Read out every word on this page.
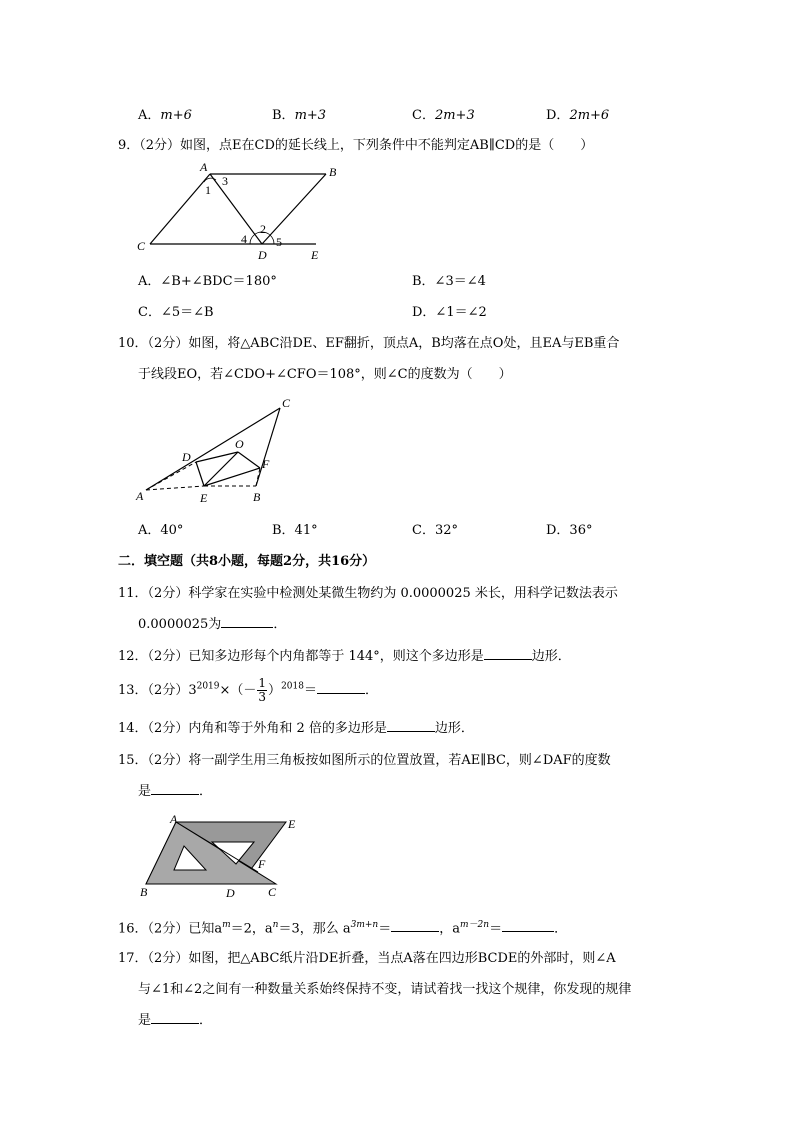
A．m+6	B．m+3	C．2m+3	D．2m+6
9．（2分）如图，点E在CD的延长线上，下列条件中不能判定AB∥CD的是（　　）
A	B
C
D	E
1
2
3
4 5
A．∠B+∠BDC＝180°	B．∠3＝∠4
C．∠5＝∠B	D．∠1＝∠2
10．（2分）如图，将△ABC沿DE、EF翻折，顶点A，B均落在点O处，且EA与EB重合
于线段EO，若∠CDO+∠CFO＝108°，则∠C的度数为（　　）
A	B
C
D
E
F
O
A．40°	B．41°	C．32°	D．36°
二．填空题（共8小题，每题2分，共16分）
11．（2分）科学家在实验中检测处某微生物约为 0.0000025 米长，用科学记数法表示
0.0000025为	．
12．（2分）已知多边形每个内角都等于 144°，则这个多边形是	边形．
13．（2分）$3^{2019}\times(- \frac{1}{3} )^{2018}=$	．
14．（2分）内角和等于外角和 2 倍的多边形是	边形．
15．（2分）将一副学生用三角板按如图所示的位置放置，若AE∥BC，则∠DAF的度数
是	．
A
B	C
D
E
F
16．（2分）已知$a^m=2$，$a^n=3$，那么 $a^{3m+n}=$	，$a^{m-2n}=$	．
17．（2分）如图，把△ABC纸片沿DE折叠，当点A落在四边形BCDE的外部时，则∠A
与∠1和∠2之间有一种数量关系始终保持不变，请试着找一找这个规律，你发现的规律
是	．
